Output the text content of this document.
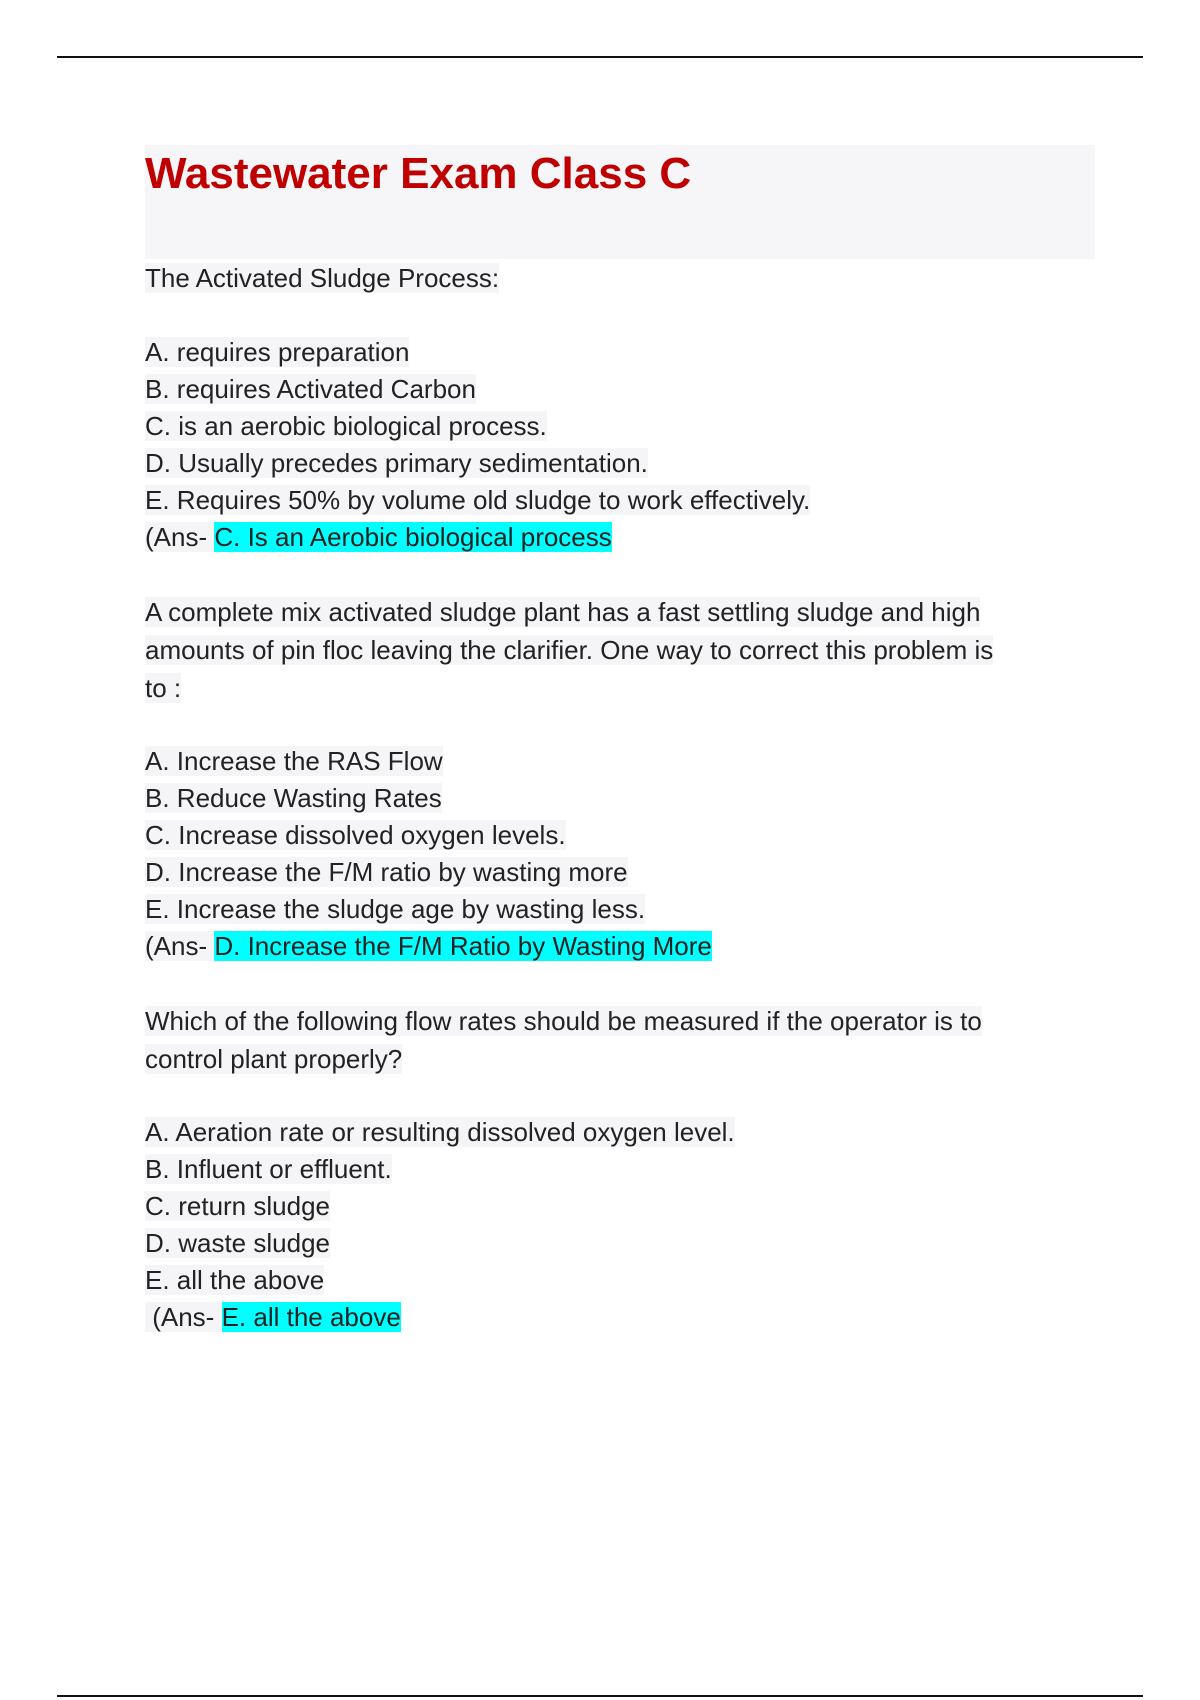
Wastewater Exam Class C
The Activated Sludge Process:
A. requires preparation
B. requires Activated Carbon
C. is an aerobic biological process.
D. Usually precedes primary sedimentation.
E. Requires 50% by volume old sludge to work effectively.
(Ans- C. Is an Aerobic biological process
A complete mix activated sludge plant has a fast settling sludge and high
amounts of pin floc leaving the clarifier. One way to correct this problem is
to :
A. Increase the RAS Flow
B. Reduce Wasting Rates
C. Increase dissolved oxygen levels.
D. Increase the F/M ratio by wasting more
E. Increase the sludge age by wasting less.
(Ans- D. Increase the F/M Ratio by Wasting More
Which of the following flow rates should be measured if the operator is to
control plant properly?
A. Aeration rate or resulting dissolved oxygen level.
B. Influent or effluent.
C. return sludge
D. waste sludge
E. all the above
(Ans- E. all the above
